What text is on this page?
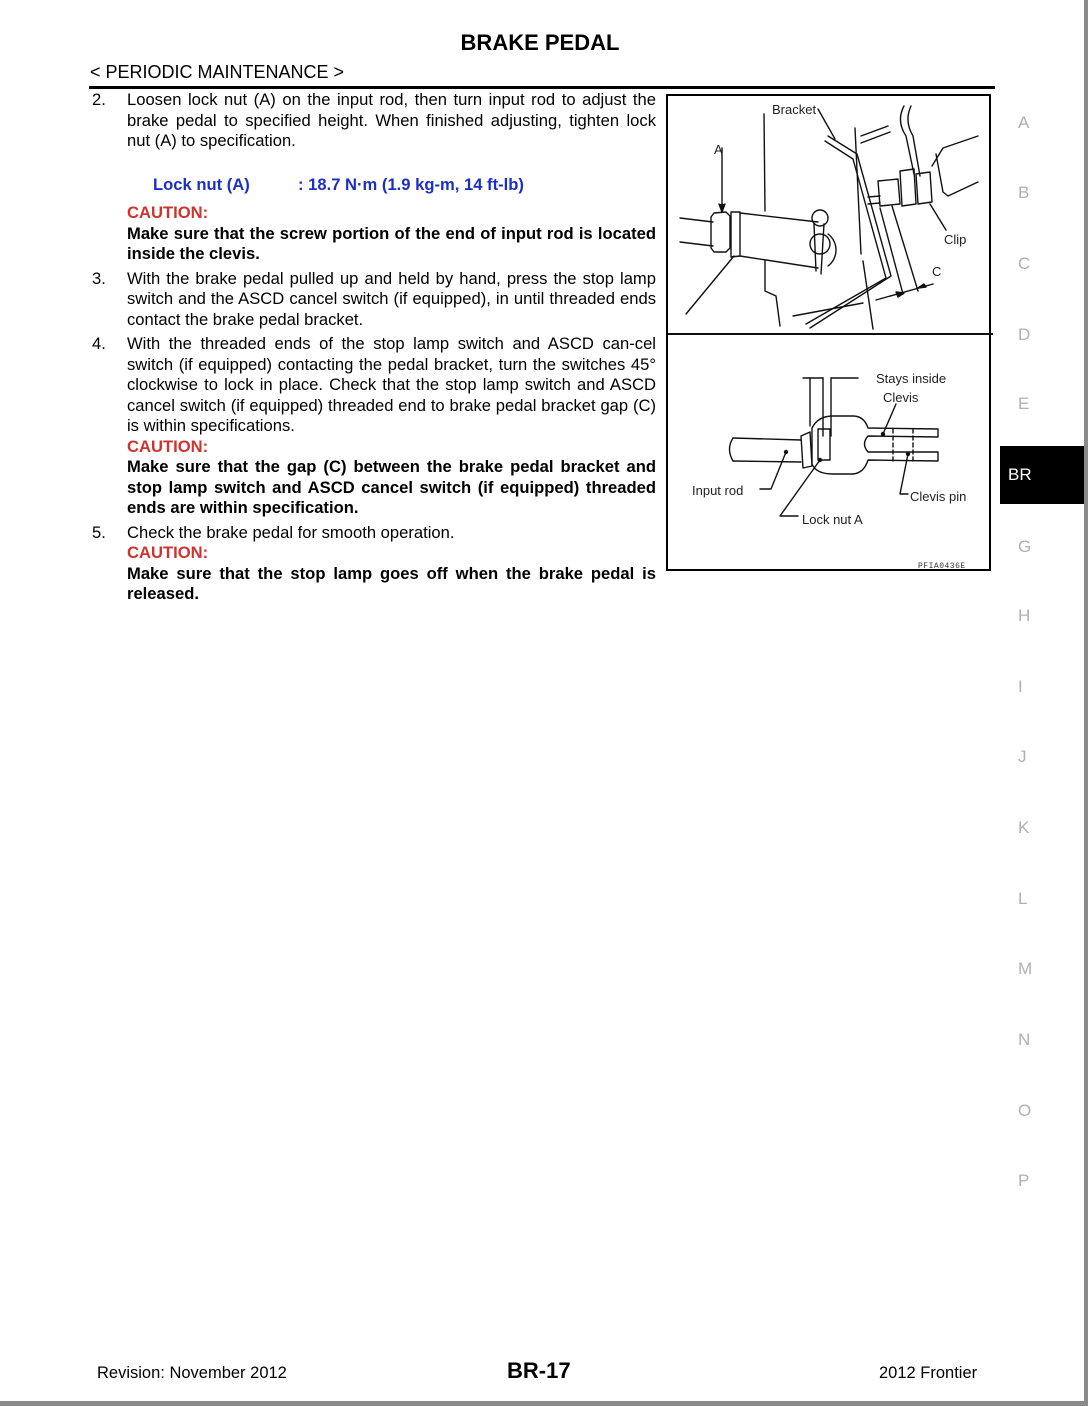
BRAKE PEDAL
< PERIODIC MAINTENANCE >
2. Loosen lock nut (A) on the input rod, then turn input rod to adjust the brake pedal to specified height. When finished adjusting, tighten lock nut (A) to specification.
Lock nut (A)	: 18.7 N·m (1.9 kg-m, 14 ft-lb)
CAUTION:
Make sure that the screw portion of the end of input rod is located inside the clevis.
3. With the brake pedal pulled up and held by hand, press the stop lamp switch and the ASCD cancel switch (if equipped), in until threaded ends contact the brake pedal bracket.
4. With the threaded ends of the stop lamp switch and ASCD can-cel switch (if equipped) contacting the pedal bracket, turn the switches 45° clockwise to lock in place. Check that the stop lamp switch and ASCD cancel switch (if equipped) threaded end to brake pedal bracket gap (C) is within specifications.
CAUTION:
Make sure that the gap (C) between the brake pedal bracket and stop lamp switch and ASCD cancel switch (if equipped) threaded ends are within specification.
5. Check the brake pedal for smooth operation.
CAUTION:
Make sure that the stop lamp goes off when the brake pedal is released.
Bracket
A
Clip
C
Stays inside
Clevis
Input rod	Clevis pin
Lock nut A
PFIA0436E
A
B
C
D
E
BR
G
H
I
J
K
L
M
N
O
P
Revision: November 2012	BR-17	2012 Frontier
